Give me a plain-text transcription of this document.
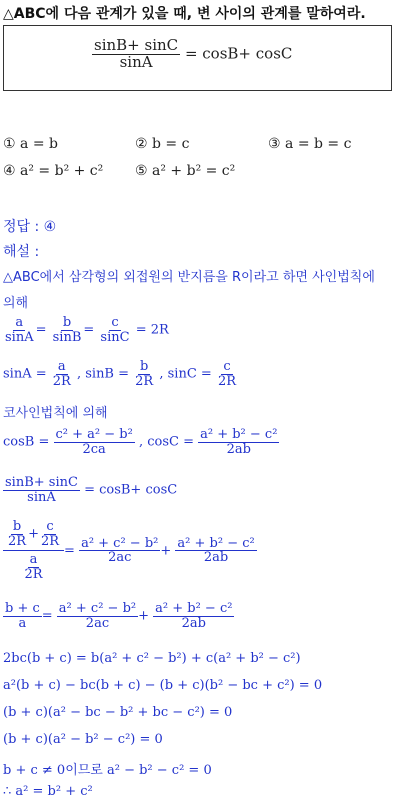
△ABC에 다음 관계가 있을 때, 변 사이의 관계를 말하여라.
$\frac{\sin B+ \sin C}{\sin A} = \cos B+ \cos C$
① a = b	② b = c	③ a = b = c
④ a² = b² + c² ⑤ a² + b² = c²
정답 : ④
해설 :
△ABC에서 삼각형의 외접원의 반지름을 R이라고 하면 사인법칙에
의해
$\frac{a}{\sin A} = \frac{b}{\sin B} = \frac{c}{\sin C} = 2R$
$\sin A = \frac{a}{2R}$ , $\sin B = \frac{b}{2R}$ , $\sin C = \frac{c}{2R}$
코사인법칙에 의해
$\cos B = \frac{\text{c² + a² − b²}}{2ca}$ , $\cos C = \frac{\text{a² + b² − c²}}{2ab}$
$\frac{\sin B+ \sin C}{\sin A} = \cos B+ \cos C$
$\frac{\frac{b}{2R} + \frac{c}{2R}}{\frac{a}{2R}} = \frac{\text{a² + c² − b²}}{2ac} + \frac{\text{a² + b² − c²}}{2ab}$
$\frac{b + c}{a} = \frac{\text{a² + c² − b²}}{2ac} + \frac{\text{a² + b² − c²}}{2ab}$
2bc(b + c) = b(a² + c² − b²) + c(a² + b² − c²)
a²(b + c) − bc(b + c) − (b + c)(b² − bc + c²) = 0
(b + c)(a² − bc − b² + bc − c²) = 0
(b + c)(a² − b² − c²) = 0
b + c ≠ 0이므로 a² − b² − c² = 0
∴ a² = b² + c²
